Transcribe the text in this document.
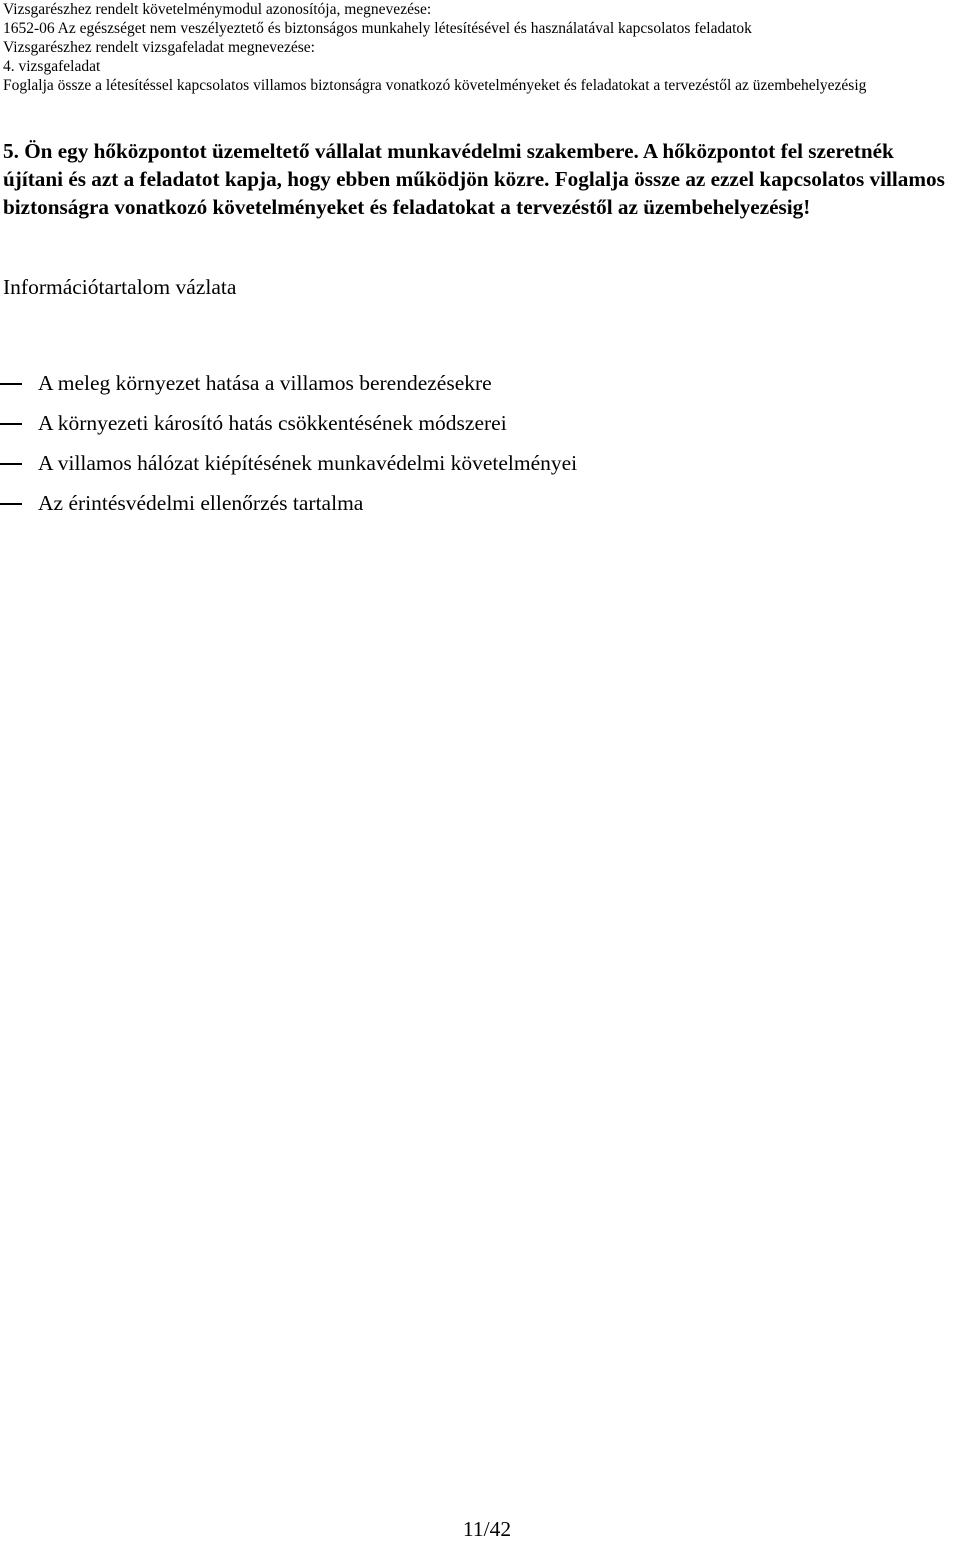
Vizsgarészhez rendelt követelménymodul azonosítója, megnevezése:
1652-06 Az egészséget nem veszélyeztető és biztonságos munkahely létesítésével és használatával kapcsolatos feladatok
Vizsgarészhez rendelt vizsgafeladat megnevezése:
4. vizsgafeladat
Foglalja össze a létesítéssel kapcsolatos villamos biztonságra vonatkozó követelményeket és feladatokat a tervezéstől az üzembehelyezésig

5. Ön egy hőközpontot üzemeltető vállalat munkavédelmi szakembere. A hőközpontot fel szeretnék újítani és azt a feladatot kapja, hogy ebben működjön közre. Foglalja össze az ezzel kapcsolatos villamos biztonságra vonatkozó követelményeket és feladatokat a tervezéstől az üzembehelyezésig!

Információtartalom vázlata

A meleg környezet hatása a villamos berendezésekre
A környezeti károsító hatás csökkentésének módszerei
A villamos hálózat kiépítésének munkavédelmi követelményei
Az érintésvédelmi ellenőrzés tartalma
11/42
